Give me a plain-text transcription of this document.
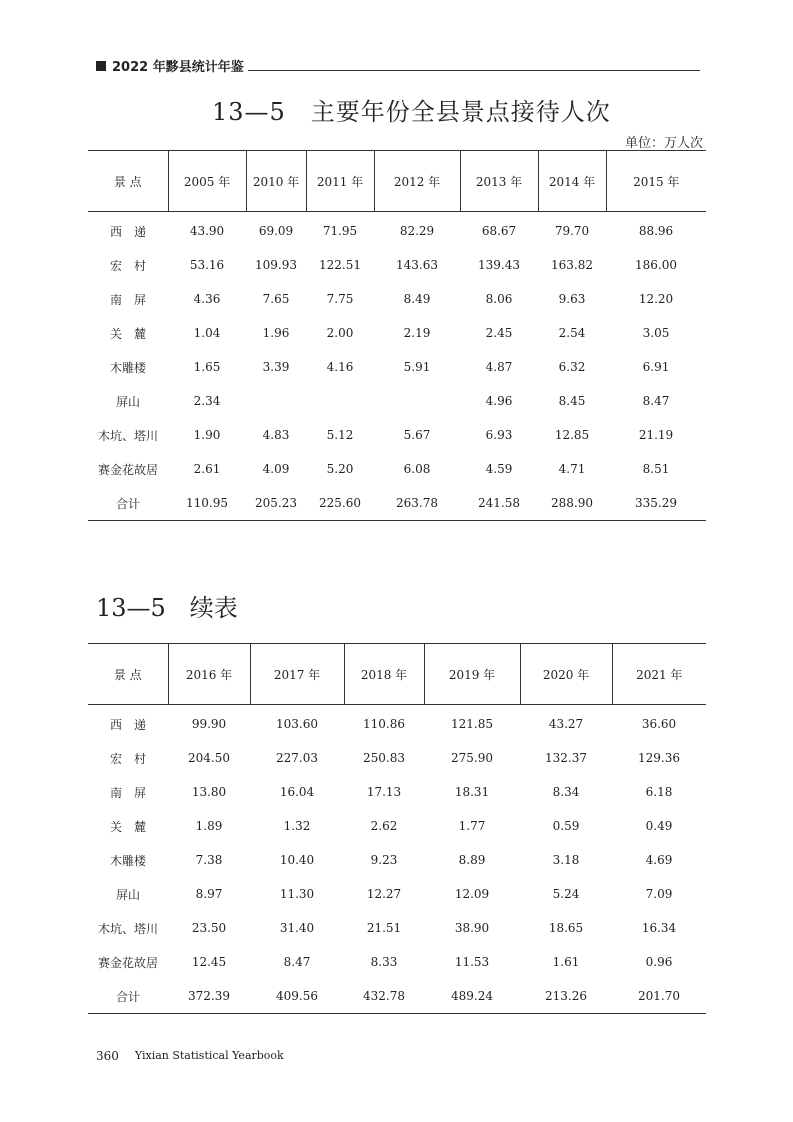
2022 年黟县统计年鉴
13—5　主要年份全县景点接待人次
单位：万人次
景 点	2005 年	2010 年	2011 年	2012 年	2013 年	2014 年	2015 年
西　递	43.90	69.09	71.95	82.29	68.67	79.70	88.96
宏　村	53.16	109.93	122.51	143.63	139.43	163.82	186.00
南　屏	4.36	7.65	7.75	8.49	8.06	9.63	12.20
关　麓	1.04	1.96	2.00	2.19	2.45	2.54	3.05
木雕楼	1.65	3.39	4.16	5.91	4.87	6.32	6.91
屏山	2.34				4.96	8.45	8.47
木坑、塔川	1.90	4.83	5.12	5.67	6.93	12.85	21.19
赛金花故居	2.61	4.09	5.20	6.08	4.59	4.71	8.51
合计	110.95	205.23	225.60	263.78	241.58	288.90	335.29
13—5　续表
景 点	2016 年	2017 年	2018 年	2019 年	2020 年	2021 年
西　递	99.90	103.60	110.86	121.85	43.27	36.60
宏　村	204.50	227.03	250.83	275.90	132.37	129.36
南　屏	13.80	16.04	17.13	18.31	8.34	6.18
关　麓	1.89	1.32	2.62	1.77	0.59	0.49
木雕楼	7.38	10.40	9.23	8.89	3.18	4.69
屏山	8.97	11.30	12.27	12.09	5.24	7.09
木坑、塔川	23.50	31.40	21.51	38.90	18.65	16.34
赛金花故居	12.45	8.47	8.33	11.53	1.61	0.96
合计	372.39	409.56	432.78	489.24	213.26	201.70
360 Yixian Statistical Yearbook
